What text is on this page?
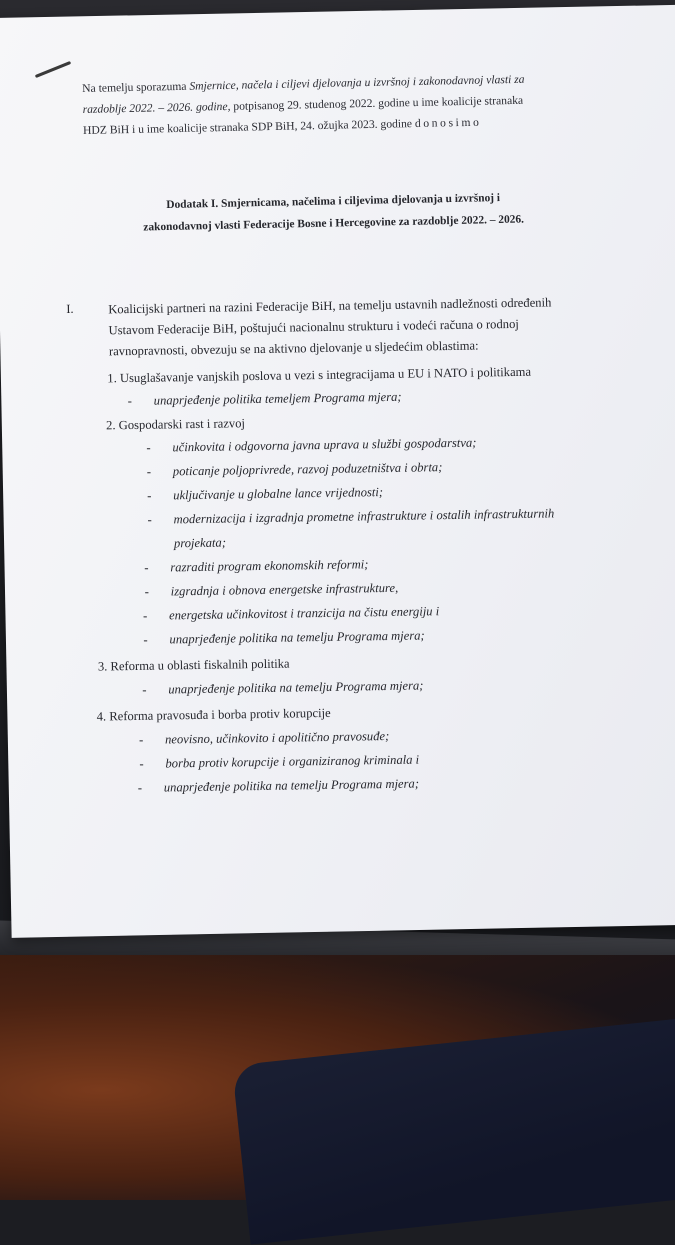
Na temelju sporazuma Smjernice, načela i ciljevi djelovanja u izvršnoj i zakonodavnoj vlasti za
razdoblje 2022. – 2026. godine, potpisanog 29. studenog 2022. godine u ime koalicije stranaka
HDZ BiH i u ime koalicije stranaka SDP BiH, 24. ožujka 2023. godine donosimo
Dodatak I. Smjernicama, načelima i ciljevima djelovanja u izvršnoj i
zakonodavnoj vlasti Federacije Bosne i Hercegovine za razdoblje 2022. – 2026.
I.	Koalicijski partneri na razini Federacije BiH, na temelju ustavnih nadležnosti određenih
Ustavom Federacije BiH, poštujući nacionalnu strukturu i vodeći računa o rodnoj
ravnopravnosti, obvezuju se na aktivno djelovanje u sljedećim oblastima:
1. Usuglašavanje vanjskih poslova u vezi s integracijama u EU i NATO i politikama
- unaprjeđenje politika temeljem Programa mjera;
2. Gospodarski rast i razvoj
- učinkovita i odgovorna javna uprava u službi gospodarstva;
- poticanje poljoprivrede, razvoj poduzetništva i obrta;
- uključivanje u globalne lance vrijednosti;
- modernizacija i izgradnja prometne infrastrukture i ostalih infrastrukturnih
projekata;
- razraditi program ekonomskih reformi;
- izgradnja i obnova energetske infrastrukture,
- energetska učinkovitost i tranzicija na čistu energiju i
- unaprjeđenje politika na temelju Programa mjera;
3. Reforma u oblasti fiskalnih politika
- unaprjeđenje politika na temelju Programa mjera;
4. Reforma pravosuđa i borba protiv korupcije
- neovisno, učinkovito i apolitično pravosuđe;
- borba protiv korupcije i organiziranog kriminala i
- unaprjeđenje politika na temelju Programa mjera;
